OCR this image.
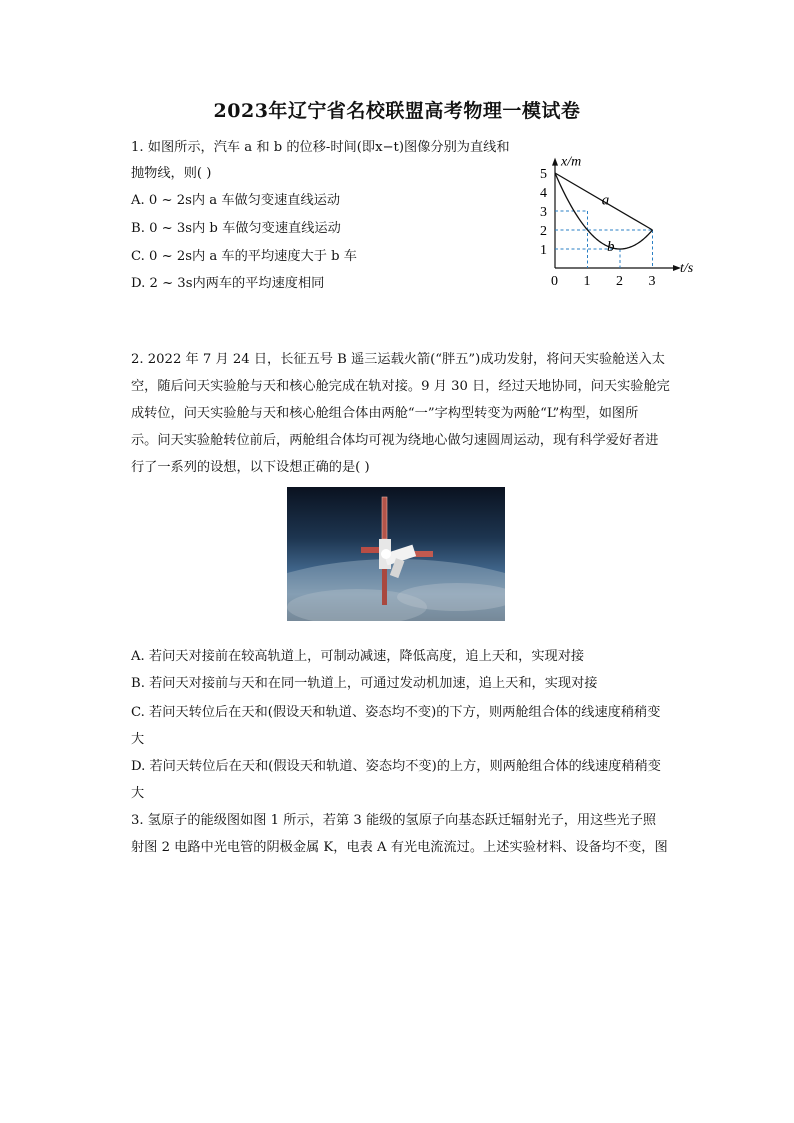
2023年辽宁省名校联盟高考物理一模试卷
1. 如图所示，汽车 a 和 b 的位移-时间(即x−t)图像分别为直线和
抛物线，则( )
A. 0 ~ 2s内 a 车做匀变速直线运动
B. 0 ~ 3s内 b 车做匀变速直线运动
C. 0 ~ 2s内 a 车的平均速度大于 b 车
D. 2 ~ 3s内两车的平均速度相同
x/m
t/s
5
4
3
2
1
0 1 2 3
a
b
2. 2022 年 7 月 24 日，长征五号 B 遥三运载火箭(“胖五”)成功发射，将问天实验舱送入太
空，随后问天实验舱与天和核心舱完成在轨对接。9 月 30 日，经过天地协同，问天实验舱完
成转位，问天实验舱与天和核心舱组合体由两舱“一”字构型转变为两舱“L”构型，如图所
示。问天实验舱转位前后，两舱组合体均可视为绕地心做匀速圆周运动，现有科学爱好者进
行了一系列的设想，以下设想正确的是( )
A. 若问天对接前在较高轨道上，可制动减速，降低高度，追上天和，实现对接
B. 若问天对接前与天和在同一轨道上，可通过发动机加速，追上天和，实现对接
C. 若问天转位后在天和(假设天和轨道、姿态均不变)的下方，则两舱组合体的线速度稍稍变
大
D. 若问天转位后在天和(假设天和轨道、姿态均不变)的上方，则两舱组合体的线速度稍稍变
大
3. 氢原子的能级图如图 1 所示，若第 3 能级的氢原子向基态跃迁辐射光子，用这些光子照
射图 2 电路中光电管的阴极金属 K，电表 A 有光电流流过。上述实验材料、设备均不变，图
